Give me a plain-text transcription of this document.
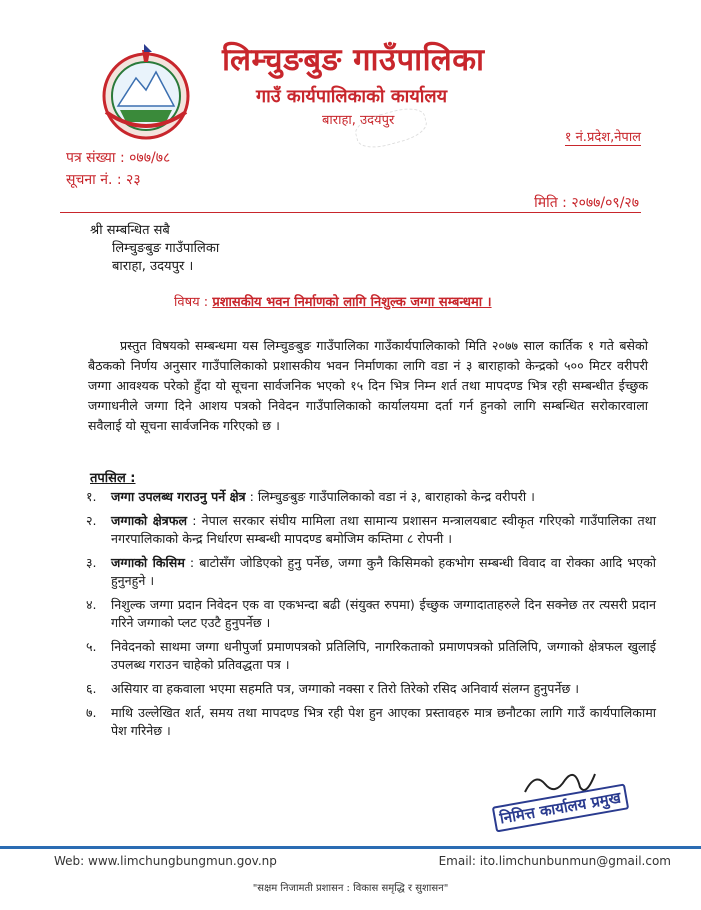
लिम्चुङबुङ गाउँपालिका
गाउँ कार्यपालिकाको कार्यालय
बाराहा, उदयपुर
१ नं.प्रदेश,नेपाल
पत्र संख्या : ०७७/७८
सूचना नं. : २३
मिति : २०७७/०९/२७
श्री सम्बन्धित सबै
लिम्चुङबुङ गाउँपालिका
बाराहा, उदयपुर ।
विषय : प्रशासकीय भवन निर्माणको लागि निशुल्क जग्गा सम्बन्धमा ।

प्रस्तुत विषयको सम्बन्धमा यस लिम्चुङबुङ गाउँपालिका गाउँकार्यपालिकाको मिति २०७७ साल कार्तिक १ गते बसेको बैठकको निर्णय अनुसार गाउँपालिकाको प्रशासकीय भवन निर्माणका लागि वडा नं ३ बाराहाको केन्द्रको ५०० मिटर वरीपरी जग्गा आवश्यक परेको हुँदा यो सूचना सार्वजनिक भएको १५ दिन भित्र निम्न शर्त तथा मापदण्ड भित्र रही सम्बन्धीत ईच्छुक जग्गाधनीले जग्गा दिने आशय पत्रको निवेदन गाउँपालिकाको कार्यालयमा दर्ता गर्न हुनको लागि सम्बन्धित सरोकारवाला सवैलाई यो सूचना सार्वजनिक गरिएको छ ।

तपसिल :
१. जग्गा उपलब्ध गराउनु पर्ने क्षेत्र : लिम्चुङबुङ गाउँपालिकाको वडा नं ३, बाराहाको केन्द्र वरीपरी ।
२. जग्गाको क्षेत्रफल : नेपाल सरकार संघीय मामिला तथा सामान्य प्रशासन मन्त्रालयबाट स्वीकृत गरिएको गाउँपालिका तथा नगरपालिकाको केन्द्र निर्धारण सम्बन्धी मापदण्ड बमोजिम कम्तिमा ८ रोपनी ।
३. जग्गाको किसिम : बाटोसँग जोडिएको हुनु पर्नेछ, जग्गा कुनै किसिमको हकभोग सम्बन्धी विवाद वा रोक्का आदि भएको हुनुनहुने ।
४. निशुल्क जग्गा प्रदान निवेदन एक वा एकभन्दा बढी (संयुक्त रुपमा) ईच्छुक जग्गादाताहरुले दिन सक्नेछ तर त्यसरी प्रदान गरिने जग्गाको प्लट एउटै हुनुपर्नेछ ।
५. निवेदनको साथमा जग्गा धनीपुर्जा प्रमाणपत्रको प्रतिलिपि, नागरिकताको प्रमाणपत्रको प्रतिलिपि, जग्गाको क्षेत्रफल खुलाई उपलब्ध गराउन चाहेको प्रतिवद्धता पत्र ।
६. असियार वा हकवाला भएमा सहमति पत्र, जग्गाको नक्सा र तिरो तिरेको रसिद अनिवार्य संलग्न हुनुपर्नेछ ।
७. माथि उल्लेखित शर्त, समय तथा मापदण्ड भित्र रही पेश हुन आएका प्रस्तावहरु मात्र छनौटका लागि गाउँ कार्यपालिकामा पेश गरिनेछ ।
निमित्त कार्यालय प्रमुख
Web: www.limchungbungmun.gov.np	Email: ito.limchunbunmun@gmail.com
"सक्षम निजामती प्रशासन : विकास समृद्धि र सुशासन"
